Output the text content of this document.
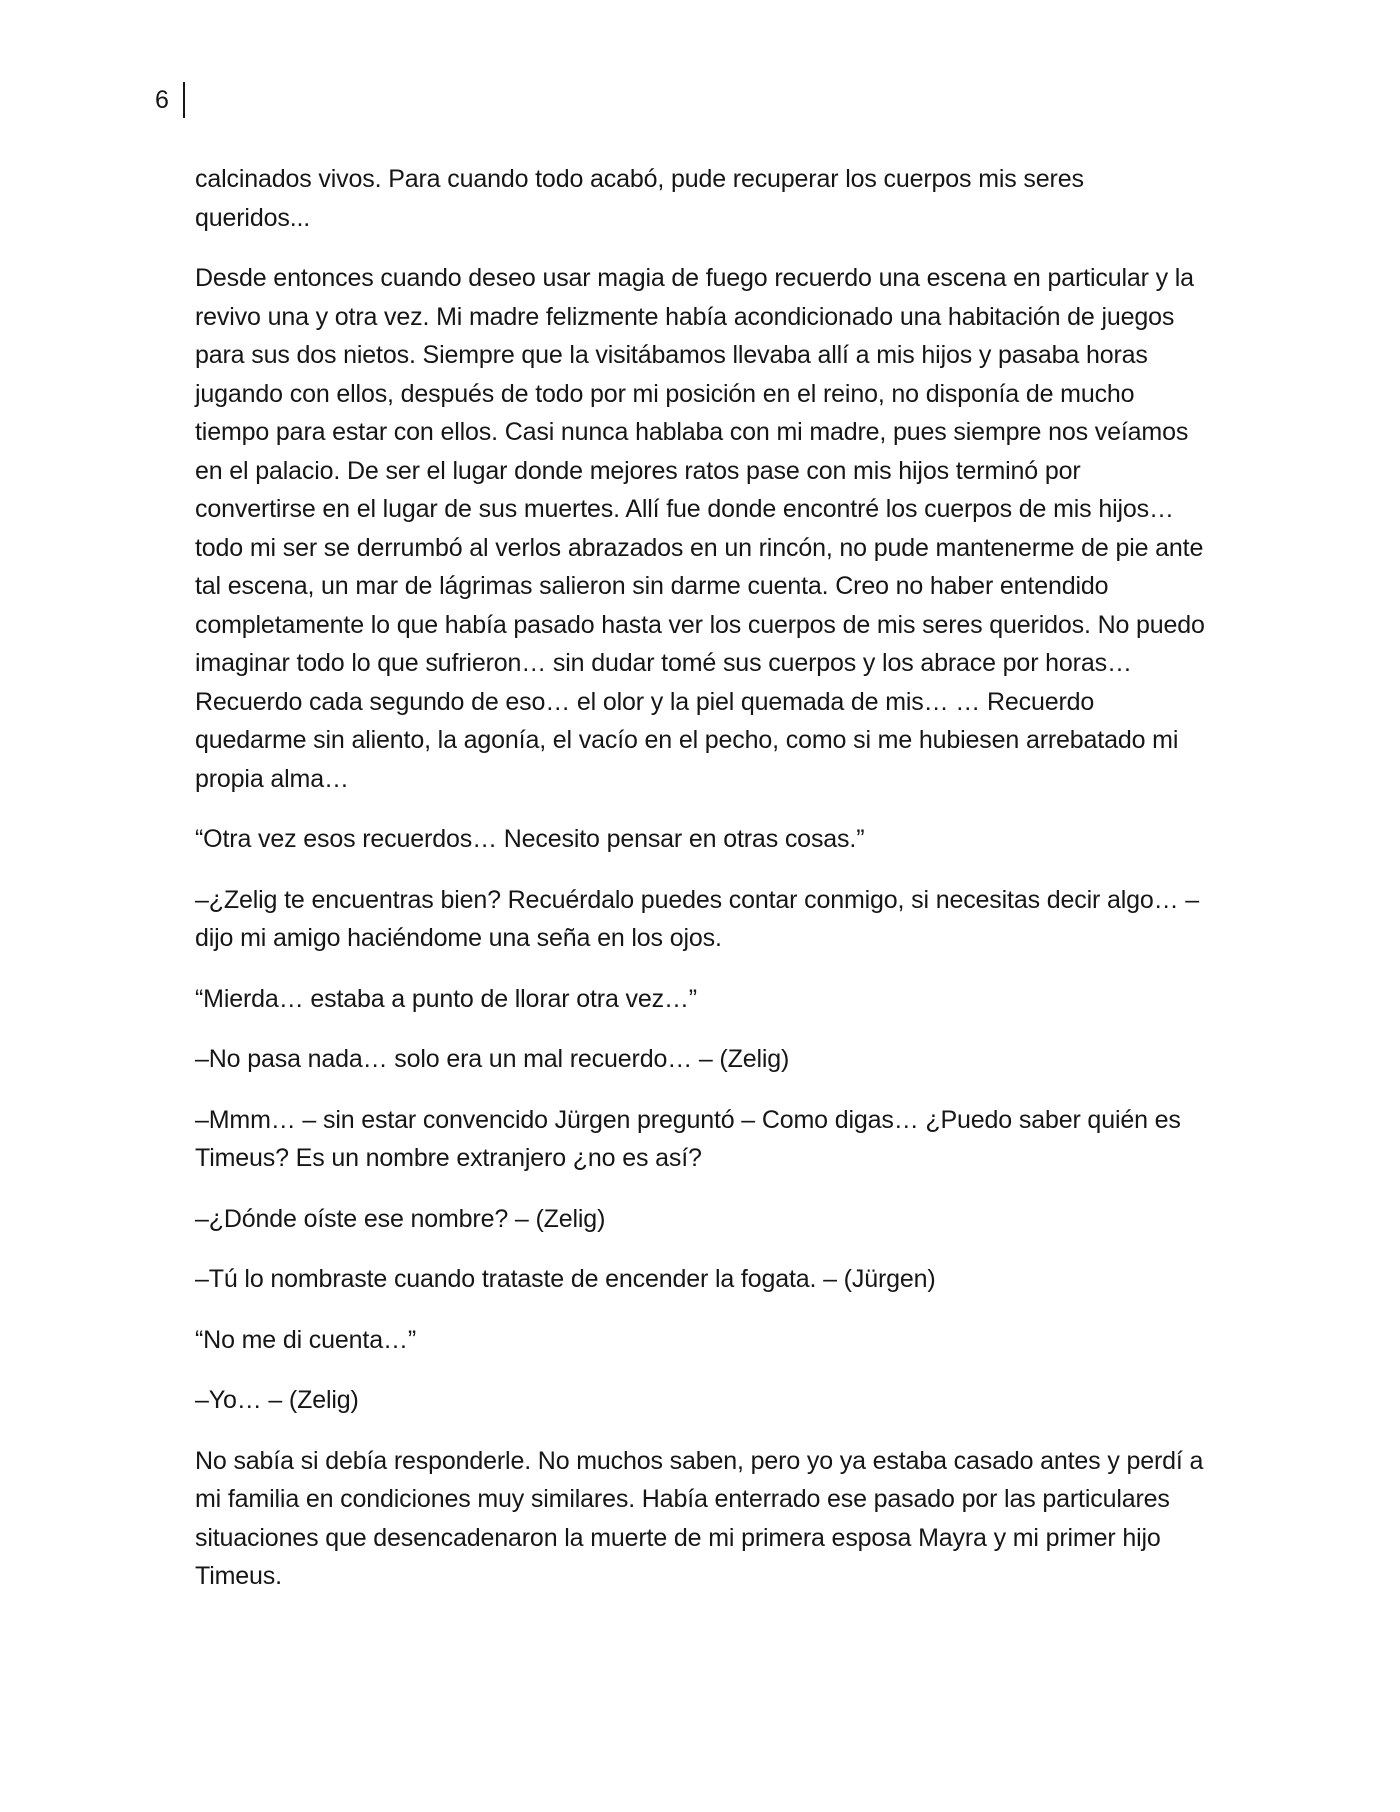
6

calcinados vivos. Para cuando todo acabó, pude recuperar los cuerpos mis seres queridos...

Desde entonces cuando deseo usar magia de fuego recuerdo una escena en particular y la revivo una y otra vez. Mi madre felizmente había acondicionado una habitación de juegos para sus dos nietos. Siempre que la visitábamos llevaba allí a mis hijos y pasaba horas jugando con ellos, después de todo por mi posición en el reino, no disponía de mucho tiempo para estar con ellos. Casi nunca hablaba con mi madre, pues siempre nos veíamos en el palacio. De ser el lugar donde mejores ratos pase con mis hijos terminó por convertirse en el lugar de sus muertes. Allí fue donde encontré los cuerpos de mis hijos… todo mi ser se derrumbó al verlos abrazados en un rincón, no pude mantenerme de pie ante tal escena, un mar de lágrimas salieron sin darme cuenta. Creo no haber entendido completamente lo que había pasado hasta ver los cuerpos de mis seres queridos. No puedo imaginar todo lo que sufrieron… sin dudar tomé sus cuerpos y los abrace por horas… Recuerdo cada segundo de eso… el olor y la piel quemada de mis… … Recuerdo quedarme sin aliento, la agonía, el vacío en el pecho, como si me hubiesen arrebatado mi propia alma…

“Otra vez esos recuerdos… Necesito pensar en otras cosas.”

–¿Zelig te encuentras bien? Recuérdalo puedes contar conmigo, si necesitas decir algo… –dijo mi amigo haciéndome una seña en los ojos.

“Mierda… estaba a punto de llorar otra vez…”

–No pasa nada… solo era un mal recuerdo… – (Zelig)

–Mmm… – sin estar convencido Jürgen preguntó – Como digas… ¿Puedo saber quién es Timeus? Es un nombre extranjero ¿no es así?

–¿Dónde oíste ese nombre? – (Zelig)

–Tú lo nombraste cuando trataste de encender la fogata. – (Jürgen)

“No me di cuenta…”

–Yo… – (Zelig)

No sabía si debía responderle. No muchos saben, pero yo ya estaba casado antes y perdí a mi familia en condiciones muy similares. Había enterrado ese pasado por las particulares situaciones que desencadenaron la muerte de mi primera esposa Mayra y mi primer hijo Timeus.
